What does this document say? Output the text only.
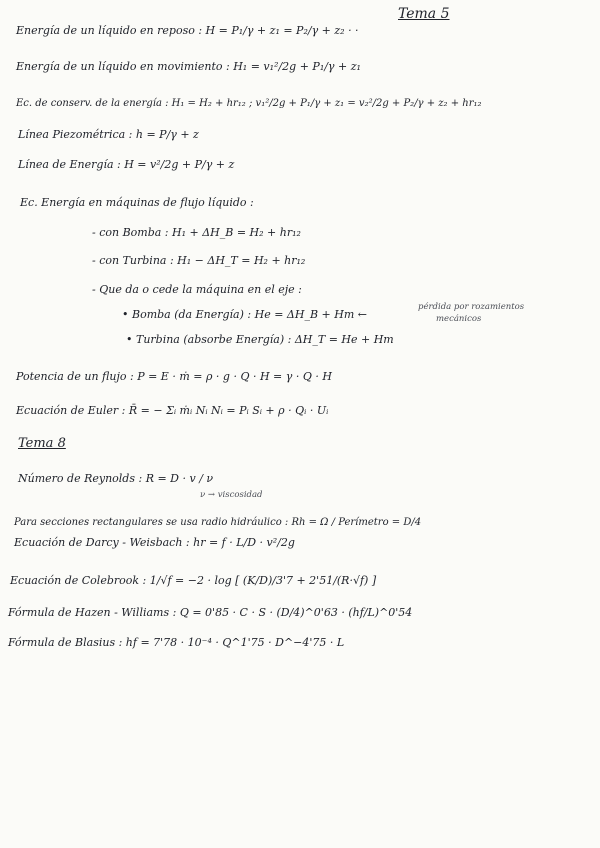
Tema 5
Energía de un líquido en reposo : H = P₁/γ + z₁ = P₂/γ + z₂ · ·
Energía de un líquido en movimiento : H₁ = v₁²/2g + P₁/γ + z₁
Ec. de conserv. de la energía : H₁ = H₂ + hr₁₂ ; v₁²/2g + P₁/γ + z₁ = v₂²/2g + P₂/γ + z₂ + hr₁₂
Línea Piezométrica : h = P/γ + z
Línea de Energía : H = v²/2g + P/γ + z
Ec. Energía en máquinas de flujo líquido :
- con Bomba : H₁ + ΔH_B = H₂ + hr₁₂
- con Turbina : H₁ − ΔH_T = H₂ + hr₁₂
- Que da o cede la máquina en el eje :
• Bomba (da Energía) : He = ΔH_B + Hm ←
pérdida por rozamientos
mecánicos
• Turbina (absorbe Energía) : ΔH_T = He + Hm
Potencia de un flujo : P = E · ṁ = ρ · g · Q · H = γ · Q · H
Ecuación de Euler : R̄ = − Σᵢ ṁᵢ Nᵢ Nᵢ = Pᵢ Sᵢ + ρ · Qᵢ · Uᵢ
Tema 8
Número de Reynolds : R = D · v / ν
ν → viscosidad
Para secciones rectangulares se usa radio hidráulico : Rh = Ω / Perímetro = D/4
Ecuación de Darcy - Weisbach : hr = f · L/D · v²/2g
Ecuación de Colebrook : 1/√f = −2 · log [ (K/D)/3'7 + 2'51/(R·√f) ]
Fórmula de Hazen - Williams : Q = 0'85 · C · S · (D/4)^0'63 · (hf/L)^0'54
Fórmula de Blasius : hf = 7'78 · 10⁻⁴ · Q^1'75 · D^−4'75 · L
